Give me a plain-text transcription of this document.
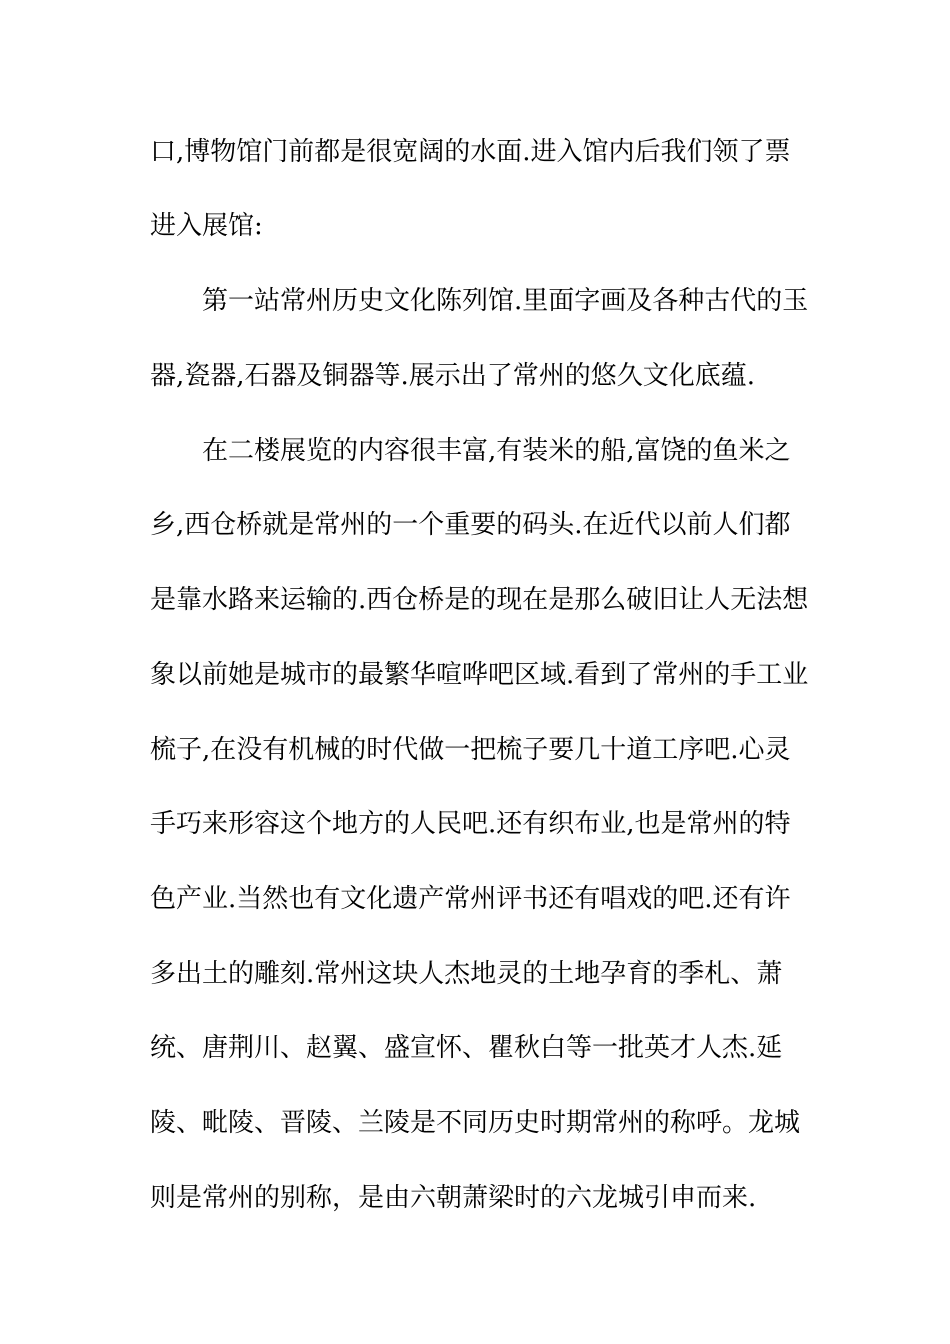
口,博物馆门前都是很宽阔的水面.进入馆内后我们领了票
进入展馆:
第一站常州历史文化陈列馆.里面字画及各种古代的玉
器,瓷器,石器及铜器等.展示出了常州的悠久文化底蕴.
在二楼展览的内容很丰富,有装米的船,富饶的鱼米之
乡,西仓桥就是常州的一个重要的码头.在近代以前人们都
是靠水路来运输的.西仓桥是的现在是那么破旧让人无法想
象以前她是城市的最繁华喧哗吧区域.看到了常州的手工业
梳子,在没有机械的时代做一把梳子要几十道工序吧.心灵
手巧来形容这个地方的人民吧.还有织布业,也是常州的特
色产业.当然也有文化遗产常州评书还有唱戏的吧.还有许
多出土的雕刻.常州这块人杰地灵的土地孕育的季札、萧
统、唐荆川、赵翼、盛宣怀、瞿秋白等一批英才人杰.延
陵、毗陵、晋陵、兰陵是不同历史时期常州的称呼。龙城
则是常州的别称，是由六朝萧梁时的六龙城引申而来.
